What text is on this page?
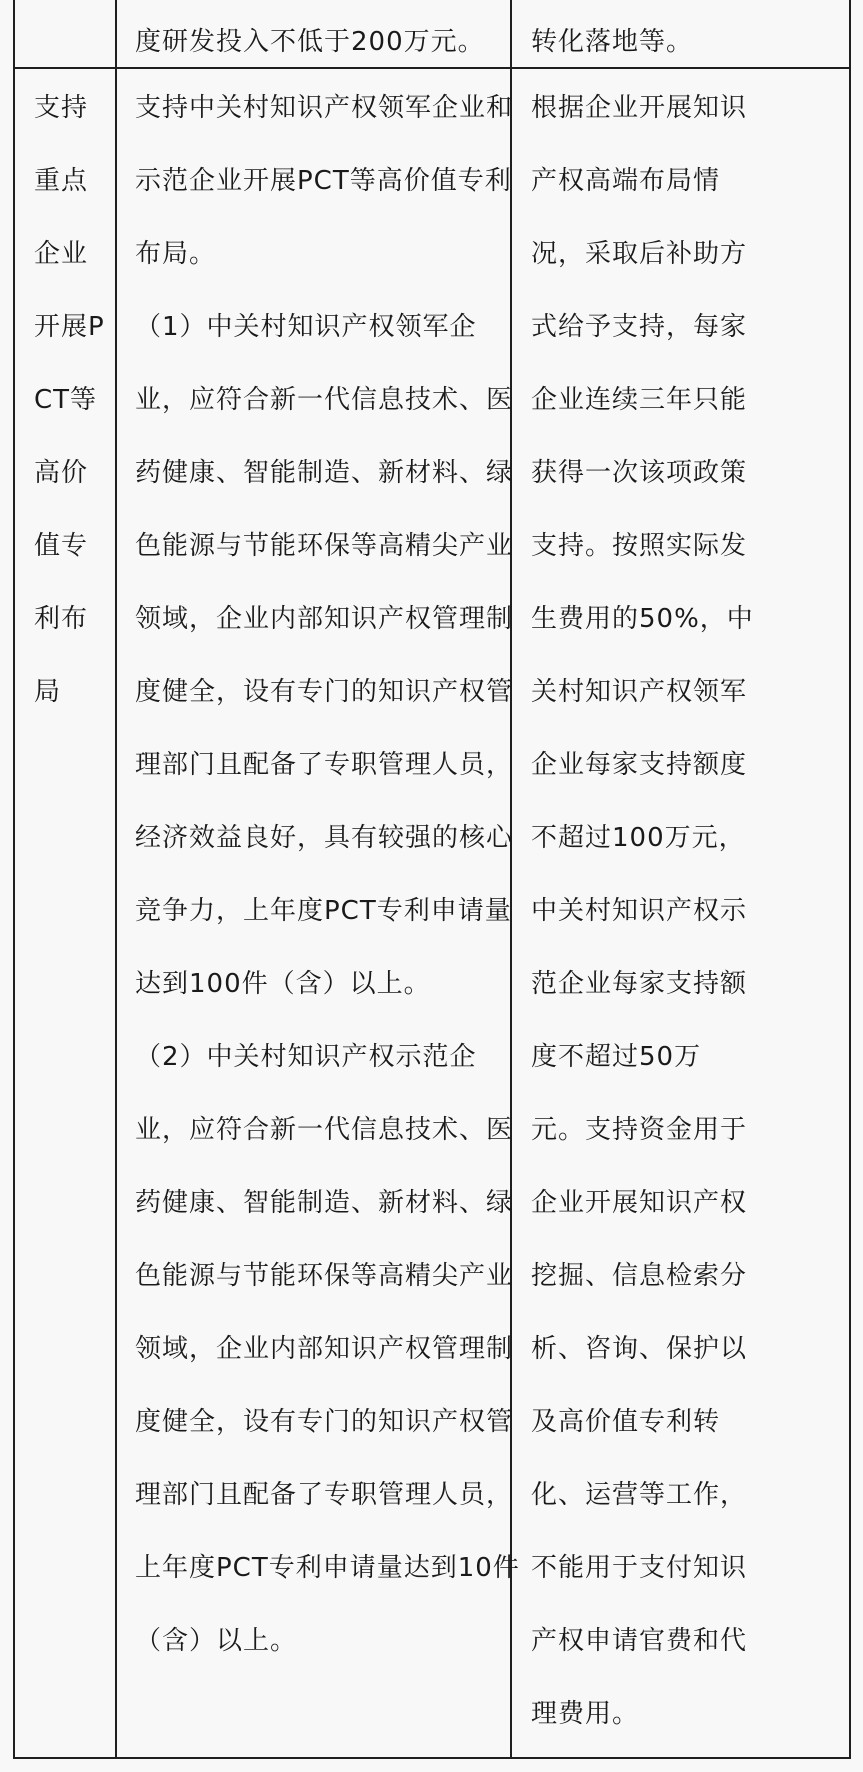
度研发投入不低于200万元。 转化落地等。
支持
重点
企业
开展P
CT等
高价
值专
利布
局
支持中关村知识产权领军企业和
示范企业开展PCT等高价值专利
布局。
（1）中关村知识产权领军企
业，应符合新一代信息技术、医
药健康、智能制造、新材料、绿
色能源与节能环保等高精尖产业
领域，企业内部知识产权管理制
度健全，设有专门的知识产权管
理部门且配备了专职管理人员，
经济效益良好，具有较强的核心
竞争力，上年度PCT专利申请量
达到100件（含）以上。
（2）中关村知识产权示范企
业，应符合新一代信息技术、医
药健康、智能制造、新材料、绿
色能源与节能环保等高精尖产业
领域，企业内部知识产权管理制
度健全，设有专门的知识产权管
理部门且配备了专职管理人员，
上年度PCT专利申请量达到10件
（含）以上。
根据企业开展知识
产权高端布局情
况，采取后补助方
式给予支持，每家
企业连续三年只能
获得一次该项政策
支持。按照实际发
生费用的50%，中
关村知识产权领军
企业每家支持额度
不超过100万元，
中关村知识产权示
范企业每家支持额
度不超过50万
元。支持资金用于
企业开展知识产权
挖掘、信息检索分
析、咨询、保护以
及高价值专利转
化、运营等工作，
不能用于支付知识
产权申请官费和代
理费用。
